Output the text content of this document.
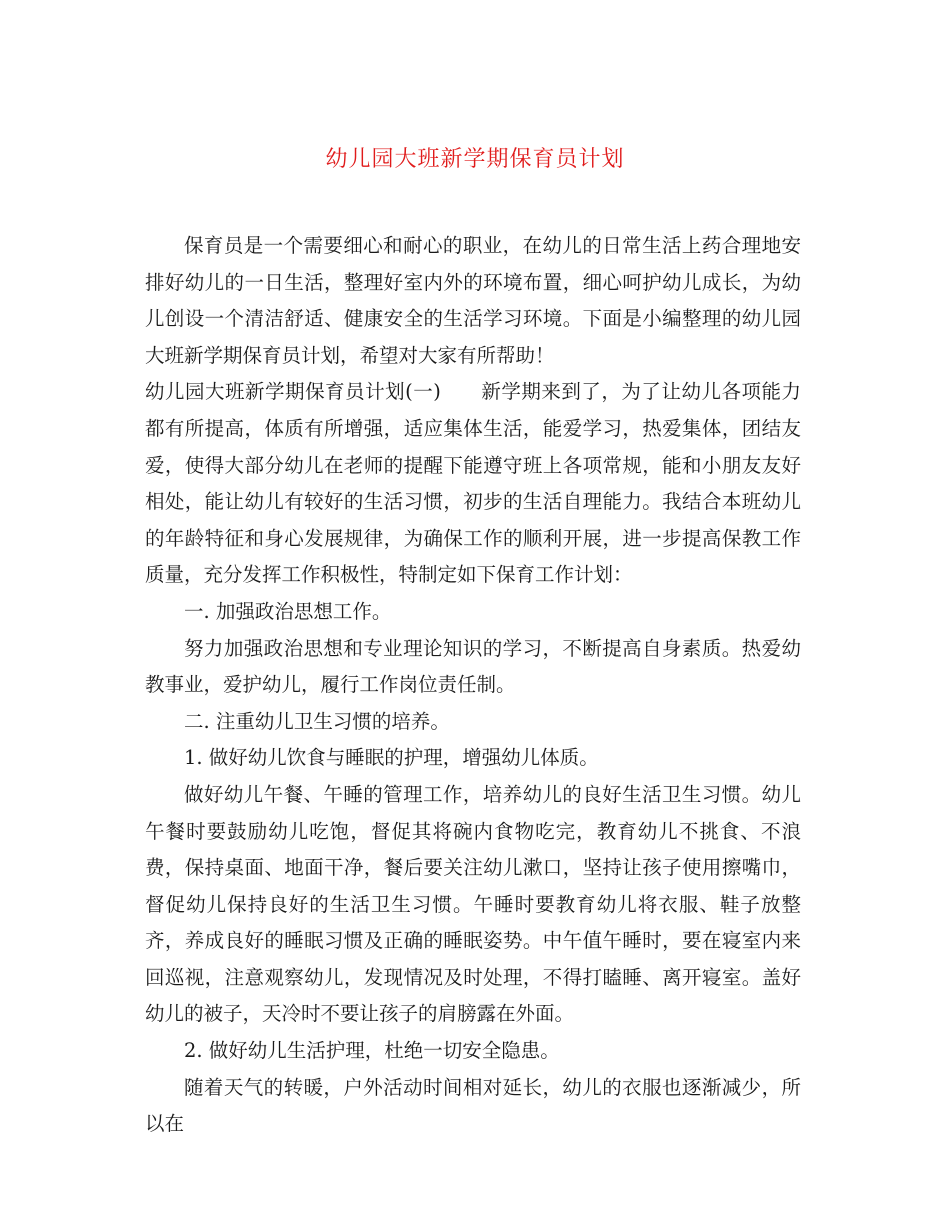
幼儿园大班新学期保育员计划

保育员是一个需要细心和耐心的职业，在幼儿的日常生活上药合理地安排好幼儿的一日生活，整理好室内外的环境布置，细心呵护幼儿成长，为幼儿创设一个清洁舒适、健康安全的生活学习环境。下面是小编整理的幼儿园大班新学期保育员计划，希望对大家有所帮助！

幼儿园大班新学期保育员计划(一)　　新学期来到了，为了让幼儿各项能力都有所提高，体质有所增强，适应集体生活，能爱学习，热爱集体，团结友爱，使得大部分幼儿在老师的提醒下能遵守班上各项常规，能和小朋友友好相处，能让幼儿有较好的生活习惯，初步的生活自理能力。我结合本班幼儿的年龄特征和身心发展规律，为确保工作的顺利开展，进一步提高保教工作质量，充分发挥工作积极性，特制定如下保育工作计划：

一. 加强政治思想工作。

努力加强政治思想和专业理论知识的学习，不断提高自身素质。热爱幼教事业，爱护幼儿，履行工作岗位责任制。

二. 注重幼儿卫生习惯的培养。

1. 做好幼儿饮食与睡眠的护理，增强幼儿体质。

做好幼儿午餐、午睡的管理工作，培养幼儿的良好生活卫生习惯。幼儿午餐时要鼓励幼儿吃饱，督促其将碗内食物吃完，教育幼儿不挑食、不浪费，保持桌面、地面干净，餐后要关注幼儿漱口，坚持让孩子使用擦嘴巾，督促幼儿保持良好的生活卫生习惯。午睡时要教育幼儿将衣服、鞋子放整齐，养成良好的睡眠习惯及正确的睡眠姿势。中午值午睡时，要在寝室内来回巡视，注意观察幼儿，发现情况及时处理，不得打瞌睡、离开寝室。盖好幼儿的被子，天冷时不要让孩子的肩膀露在外面。

2. 做好幼儿生活护理，杜绝一切安全隐患。

随着天气的转暖，户外活动时间相对延长，幼儿的衣服也逐渐减少，所以在
